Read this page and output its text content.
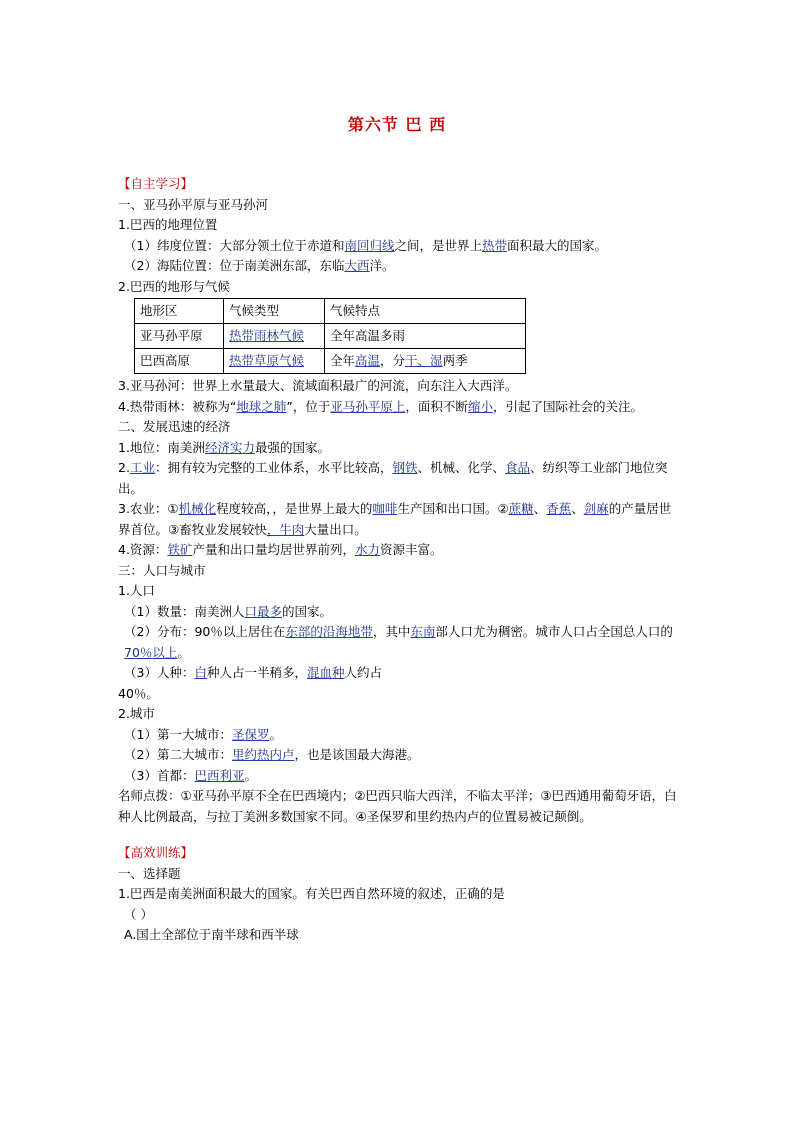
第六节 巴 西
【自主学习】
一、亚马孙平原与亚马孙河
1.巴西的地理位置
（1）纬度位置：大部分领土位于赤道和南回归线之间，是世界上热带面积最大的国家。
（2）海陆位置：位于南美洲东部，东临大西洋。
2.巴西的地形与气候
地形区	气候类型	气候特点
亚马孙平原	热带雨林气候	全年高温多雨
巴西高原	热带草原气候	全年高温，分干、湿两季
3.亚马孙河：世界上水量最大、流域面积最广的河流，向东注入大西洋。
4.热带雨林：被称为“地球之肺”，位于亚马孙平原上，面积不断缩小，引起了国际社会的关注。
二、发展迅速的经济
1.地位：南美洲经济实力最强的国家。
2.工业：拥有较为完整的工业体系，水平比较高，钢铁、机械、化学、食品、纺织等工业部门地位突出。
3.农业：①机械化程度较高，，是世界上最大的咖啡生产国和出口国。②蔗糖、香蕉、剑麻的产量居世界首位。③畜牧业发展较快，牛肉大量出口。
4.资源：铁矿产量和出口量均居世界前列，水力资源丰富。
三：人口与城市
1.人口
（1）数量：南美洲人口最多的国家。
（2）分布：90％以上居住在东部的沿海地带，其中东南部人口尤为稠密。城市人口占全国总人口的70％以上。
（3）人种：白种人占一半稍多，混血种人约占
40％。
2.城市
（1）第一大城市：圣保罗。
（2）第二大城市：里约热内卢，也是该国最大海港。
（3）首都：巴西利亚。
名师点拨：①亚马孙平原不全在巴西境内；②巴西只临大西洋，不临太平洋；③巴西通用葡萄牙语，白种人比例最高，与拉丁美洲多数国家不同。④圣保罗和里约热内卢的位置易被记颠倒。
【高效训练】
一、选择题
1.巴西是南美洲面积最大的国家。有关巴西自然环境的叙述，正确的是
（ ）
A.国土全部位于南半球和西半球
